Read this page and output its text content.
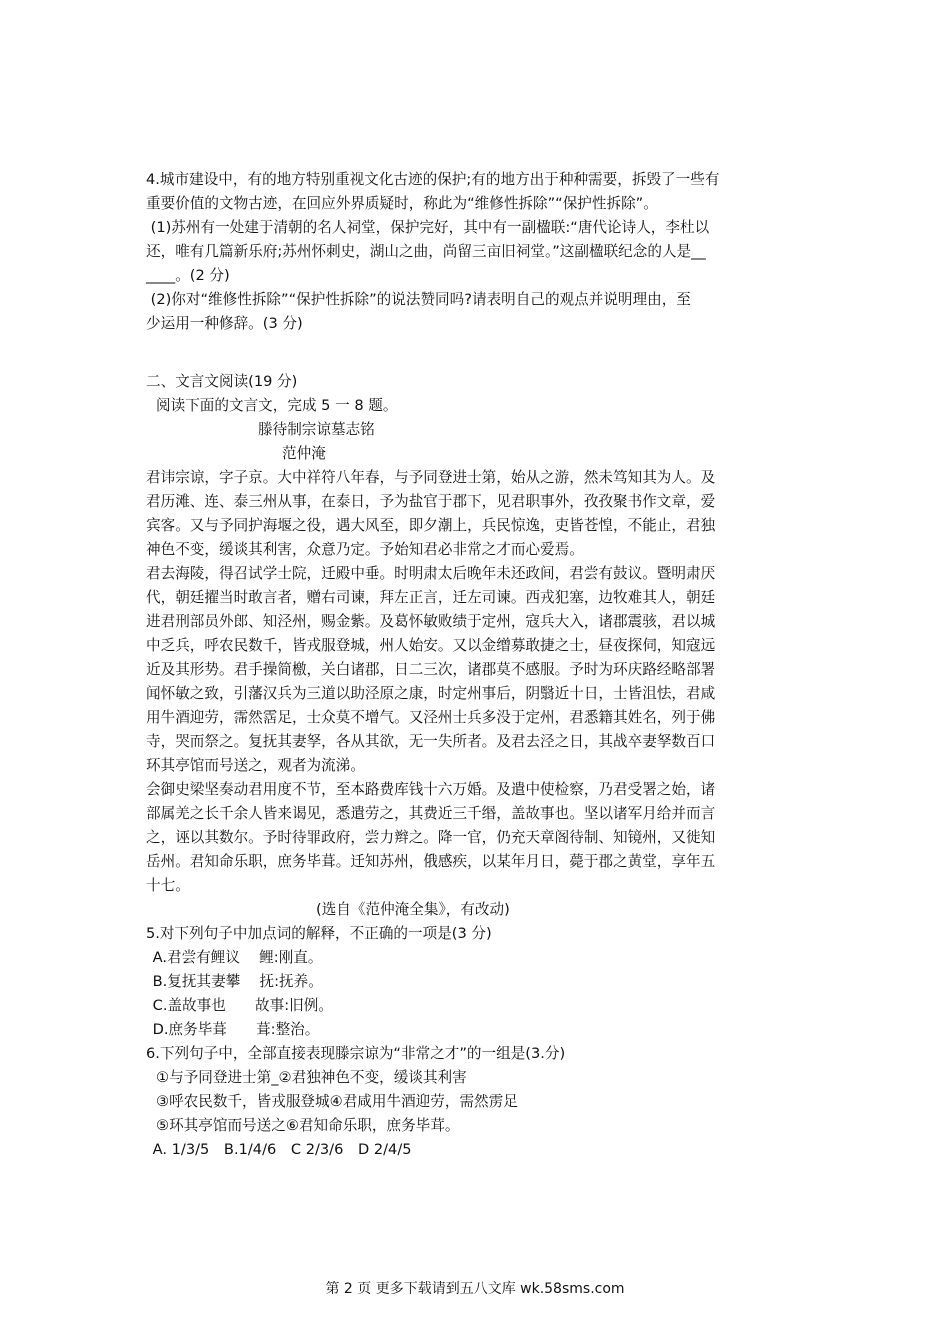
4.城市建设中，有的地方特别重视文化古迹的保护;有的地方出于种种需要，拆毁了一些有
重要价值的文物古迹，在回应外界质疑时，称此为“维修性拆除”“保护性拆除”。
(1)苏州有一处建于清朝的名人祠堂，保护完好，其中有一副楹联:“唐代论诗人，李杜以
还，唯有几篇新乐府;苏州怀刺史，湖山之曲，尚留三亩旧祠堂。”这副楹联纪念的人是__
____。(2 分)
(2)你对“维修性拆除”“保护性拆除”的说法赞同吗?请表明自己的观点并说明理由，至
少运用一种修辞。(3 分)
二、文言文阅读(19 分)
阅读下面的文言文，完成 5 一 8 题。
滕待制宗谅墓志铭
范仲淹
君讳宗谅，字子京。大中祥符八年春，与予同登进士第，始从之游，然未笃知其为人。及
君历滩、连、泰三州从事，在泰日，予为盐官于郡下，见君职事外，孜孜聚书作文章，爱
宾客。又与予同护海堰之役，遇大风至，即夕潮上，兵民惊逸，吏皆苍惶，不能止，君独
神色不变，缓谈其利害，众意乃定。予始知君必非常之才而心爱焉。
君去海陵，得召试学士院，迁殿中垂。时明肃太后晚年未还政间，君尝有鼓议。暨明肃厌
代，朝廷擢当时敢言者，赠右司谏，拜左正言，迁左司谏。西戎犯塞，边牧难其人，朝廷
进君刑部员外郎、知泾州，赐金紫。及葛怀敏败绩于定州，寇兵大入，诸郡震骇，君以城
中乏兵，呼农民数千，皆戎服登城，州人始安。又以金缯募敢捷之士，昼夜探伺，知寇远
近及其形势。君手操简檄，关白诸郡，日二三次，诸郡莫不感服。予时为环庆路经略部署
闻怀敏之致，引藩汉兵为三道以助泾原之康，时定州事后，阴翳近十日，士皆沮怯，君咸
用牛酒迎劳，霈然霑足，士众莫不增气。又泾州士兵多没于定州，君悉籍其姓名，列于佛
寺，哭而祭之。复抚其妻孥，各从其欲，无一失所者。及君去泾之日，其战卒妻孥数百口
环其亭馆而号送之，观者为流涕。
会御史梁坚奏动君用度不节，至本路费库钱十六万婚。及遣中使检察，乃君受署之始，诸
部属羌之长千余人皆来谒见，悉遣劳之，其费近三千缗，盖故事也。坚以诸军月给并而言
之，诬以其数尔。予时待罪政府，尝力辫之。降一官，仍充天章阁待制、知镜州，又徙知
岳州。君知命乐职，庶务毕葺。迁知苏州，俄感疾，以某年月日，薨于郡之黄堂，享年五
十七。
(选自《范仲淹全集》，有改动)
5.对下列句子中加点词的解释，不正确的一项是(3 分)
A.君尝有鲤议　 鲤:刚直。
B.复抚其妻攀　 抚:抚养。
C.盖故事也　　故事:旧例。
D.庶务毕葺　　葺:整治。
6.下列句子中，全部直接表现滕宗谅为“非常之才”的一组是(3.分)
①与予同登进士第_②君独神色不变，缓谈其利害
③呼农民数千，皆戎服登城④君咸用牛酒迎劳，需然雳足
⑤环其亭馆而号送之⑥君知命乐职，庶务毕茸。
A. 1/3/5　B.1/4/6　C 2/3/6　D 2/4/5
第 2 页 更多下载请到五八文库 wk.58sms.com
